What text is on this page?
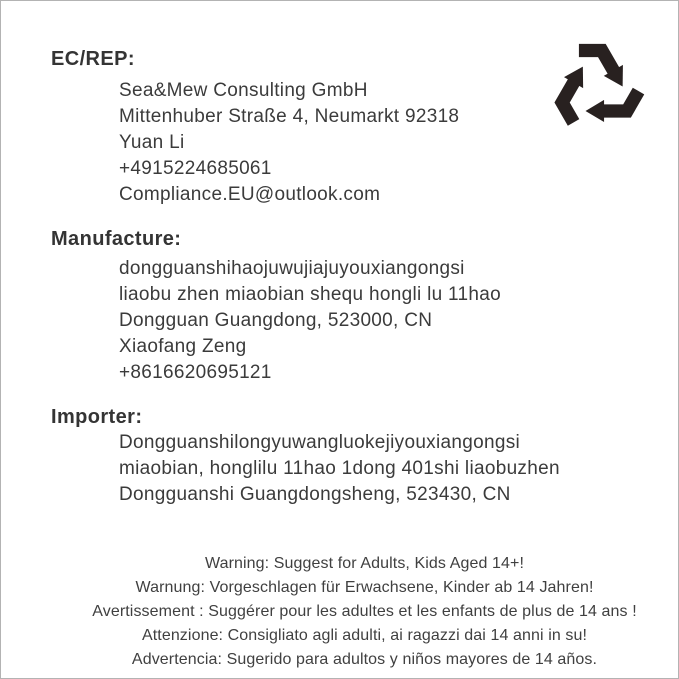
EC/REP:
Sea&Mew Consulting GmbH
Mittenhuber Straße 4, Neumarkt 92318
Yuan Li
+4915224685061
Compliance.EU@outlook.com
Manufacture:
dongguanshihaojuwujiajuyouxiangongsi
liaobu zhen miaobian shequ hongli lu 11hao
Dongguan Guangdong, 523000, CN
Xiaofang Zeng
+8616620695121
Importer:
Dongguanshilongyuwangluokejiyouxiangongsi
miaobian, honglilu 11hao 1dong 401shi liaobuzhen
Dongguanshi Guangdongsheng, 523430, CN
Warning: Suggest for Adults, Kids Aged 14+!
Warnung: Vorgeschlagen für Erwachsene, Kinder ab 14 Jahren!
Avertissement : Suggérer pour les adultes et les enfants de plus de 14 ans !
Attenzione: Consigliato agli adulti, ai ragazzi dai 14 anni in su!
Advertencia: Sugerido para adultos y niños mayores de 14 años.
